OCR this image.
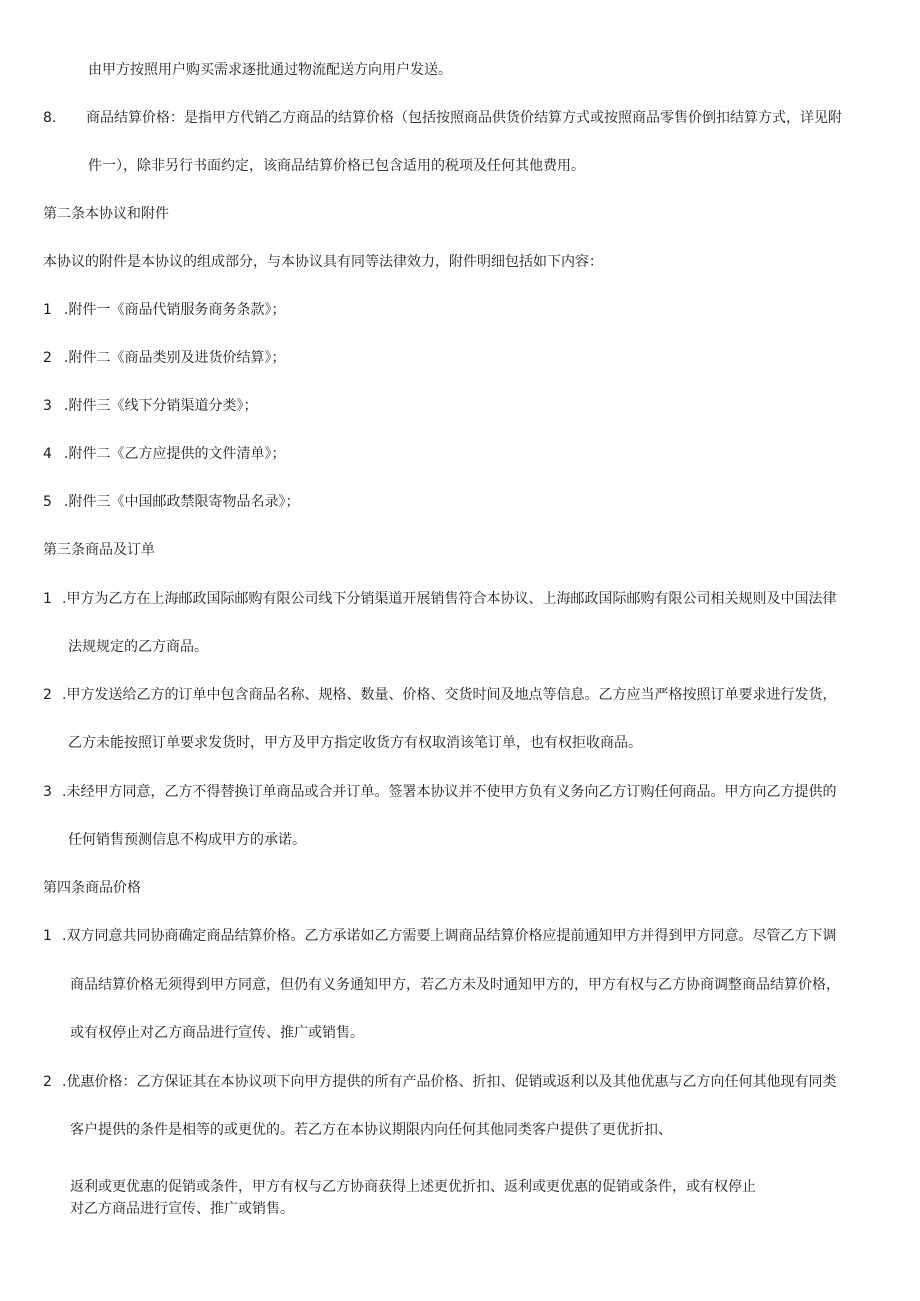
由甲方按照用户购买需求逐批通过物流配送方向用户发送。
8. 商品结算价格：是指甲方代销乙方商品的结算价格（包括按照商品供货价结算方式或按照商品零售价倒扣结算方式，详见附
件一），除非另行书面约定，该商品结算价格已包含适用的税项及任何其他费用。
第二条本协议和附件
本协议的附件是本协议的组成部分，与本协议具有同等法律效力，附件明细包括如下内容：
1 .附件一《商品代销服务商务条款》；
2 .附件二《商品类别及进货价结算》；
3 .附件三《线下分销渠道分类》；
4 .附件二《乙方应提供的文件清单》；
5 .附件三《中国邮政禁限寄物品名录》；
第三条商品及订单
1 .甲方为乙方在上海邮政国际邮购有限公司线下分销渠道开展销售符合本协议、上海邮政国际邮购有限公司相关规则及中国法律
法规规定的乙方商品。
2 .甲方发送给乙方的订单中包含商品名称、规格、数量、价格、交货时间及地点等信息。乙方应当严格按照订单要求进行发货，
乙方未能按照订单要求发货时，甲方及甲方指定收货方有权取消该笔订单，也有权拒收商品。
3 .未经甲方同意，乙方不得替换订单商品或合并订单。签署本协议并不使甲方负有义务向乙方订购任何商品。甲方向乙方提供的
任何销售预测信息不构成甲方的承诺。
第四条商品价格
1 .双方同意共同协商确定商品结算价格。乙方承诺如乙方需要上调商品结算价格应提前通知甲方并得到甲方同意。尽管乙方下调
商品结算价格无须得到甲方同意，但仍有义务通知甲方，若乙方未及时通知甲方的，甲方有权与乙方协商调整商品结算价格，
或有权停止对乙方商品进行宣传、推广或销售。
2 .优惠价格：乙方保证其在本协议项下向甲方提供的所有产品价格、折扣、促销或返利以及其他优惠与乙方向任何其他现有同类
客户提供的条件是相等的或更优的。若乙方在本协议期限内向任何其他同类客户提供了更优折扣、
返利或更优惠的促销或条件，甲方有权与乙方协商获得上述更优折扣、返利或更优惠的促销或条件，或有权停止
对乙方商品进行宣传、推广或销售。
